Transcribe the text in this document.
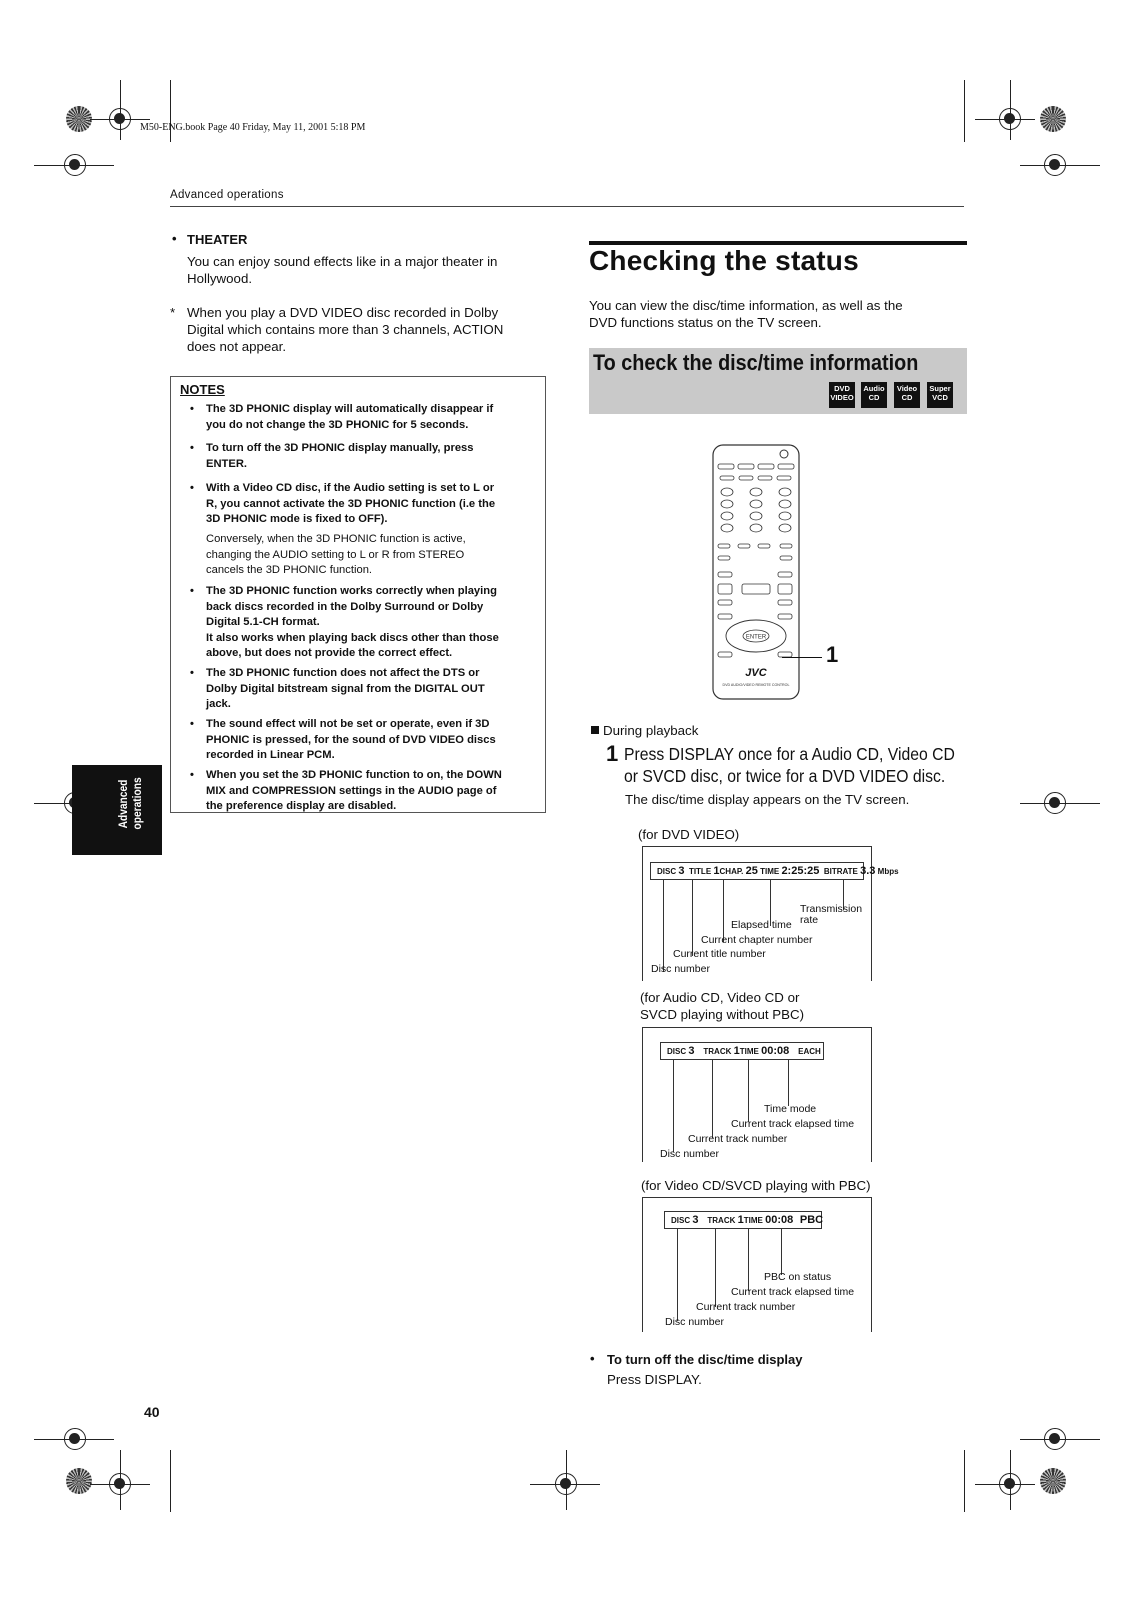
M50-ENG.book Page 40 Friday, May 11, 2001 5:18 PM
Advanced operations
• THEATER
You can enjoy sound effects like in a major theater in
Hollywood.
* When you play a DVD VIDEO disc recorded in Dolby
Digital which contains more than 3 channels, ACTION
does not appear.
NOTES
• The 3D PHONIC display will automatically disappear if
you do not change the 3D PHONIC for 5 seconds.
• To turn off the 3D PHONIC display manually, press
ENTER.
• With a Video CD disc, if the Audio setting is set to L or
R, you cannot activate the 3D PHONIC function (i.e the
3D PHONIC mode is fixed to OFF).
Conversely, when the 3D PHONIC function is active,
changing the AUDIO setting to L or R from STEREO
cancels the 3D PHONIC function.
• The 3D PHONIC function works correctly when playing
back discs recorded in the Dolby Surround or Dolby
Digital 5.1-CH format.
It also works when playing back discs other than those
above, but does not provide the correct effect.
• The 3D PHONIC function does not affect the DTS or
Dolby Digital bitstream signal from the DIGITAL OUT
jack.
• The sound effect will not be set or operate, even if 3D
PHONIC is pressed, for the sound of DVD VIDEO discs
recorded in Linear PCM.
• When you set the 3D PHONIC function to on, the DOWN
MIX and COMPRESSION settings in the AUDIO page of
the preference display are disabled.
Advanced operations
40
Checking the status
You can view the disc/time information, as well as the
DVD functions status on the TV screen.
To check the disc/time information
DVD
VIDEO
Audio
CD
Video
CD
Super
VCD
ENTER
JVC
DVD AUDIO/VIDEO REMOTE CONTROL
1
During playback
1 Press DISPLAY once for a Audio CD, Video CD
or SVCD disc, or twice for a DVD VIDEO disc.
The disc/time display appears on the TV screen.
(for DVD VIDEO)
DISC 3 TITLE 1CHAP. 25 TIME 2:25:25 BITRATE 3.3 Mbps
Transmission
rate
Elapsed time
Current chapter number
Current title number
Disc number
(for Audio CD, Video CD or
SVCD playing without PBC)
DISC 3 TRACK 1TIME 00:08 EACH
Time mode
Current track elapsed time
Current track number
Disc number
(for Video CD/SVCD playing with PBC)
DISC 3 TRACK 1TIME 00:08 PBC
PBC on status
Current track elapsed time
Current track number
Disc number
• To turn off the disc/time display
Press DISPLAY.
